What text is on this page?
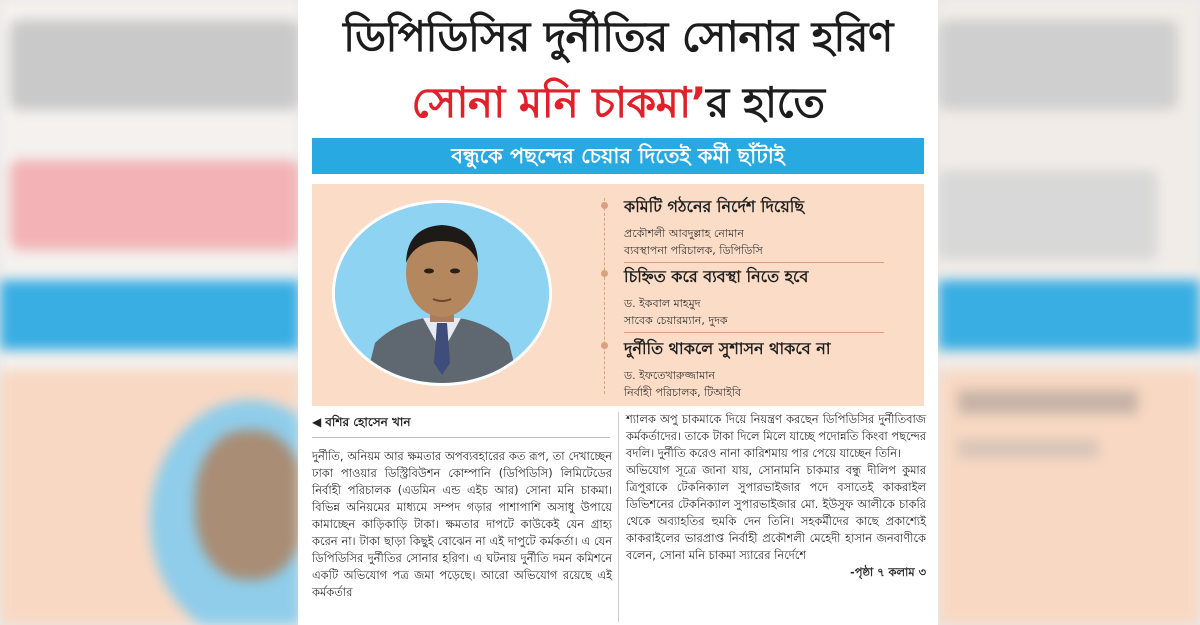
ডিপিডিসির দুর্নীতির সোনার হরিণ
সোনা মনি চাকমা’র হাতে
বন্ধুকে পছন্দের চেয়ার দিতেই কর্মী ছাঁটাই
কমিটি গঠনের নির্দেশ দিয়েছি
প্রকৌশলী আবদুল্লাহ নোমান
ব্যবস্থাপনা পরিচালক, ডিপিডিসি
চিহ্নিত করে ব্যবস্থা নিতে হবে
ড. ইকবাল মাহমুদ
সাবেক চেয়ারম্যান, দুদক
দুর্নীতি থাকলে সুশাসন থাকবে না
ড. ইফতেখারুজ্জামান
নির্বাহী পরিচালক, টিআইবি
◀ বশির হোসেন খান
দুর্নীতি, অনিয়ম আর ক্ষমতার অপব্যবহারের কত রূপ, তা দেখাচ্ছেন ঢাকা পাওয়ার ডিস্ট্রিবিউশন কোম্পানি (ডিপিডিসি) লিমিটেডের নির্বাহী পরিচালক (এডমিন এন্ড এইচ আর) সোনা মনি চাকমা। বিভিন্ন অনিয়মের মাধ্যমে সম্পদ গড়ার পাশাপাশি অসাধু উপায়ে কামাচ্ছেন কাড়িকাড়ি টাকা। ক্ষমতার দাপটে কাউকেই যেন গ্রাহ্য করেন না। টাকা ছাড়া কিছুই বোঝেন না এই দাপুটে কর্মকর্তা। এ যেন ডিপিডিসির দুর্নীতির সোনার হরিণ। এ ঘটনায় দুর্নীতি দমন কমিশনে একটি অভিযোগ পত্র জমা পড়েছে। আরো অভিযোগ রয়েছে এই কর্মকর্তার
শ্যালক অপু চাকমাকে দিয়ে নিয়ন্ত্রণ করছেন ডিপিডিসির দুর্নীতিবাজ কর্মকর্তাদের। তাকে টাকা দিলে মিলে যাচ্ছে পদোন্নতি কিংবা পছন্দের বদলি। দুর্নীতি করেও নানা কারিশমায় পার পেয়ে যাচ্ছেন তিনি।
অভিযোগ সূত্রে জানা যায়, সোনামনি চাকমার বন্ধু দীলিপ কুমার ত্রিপুরাকে টেকনিক্যাল সুপারভাইজার পদে বসাতেই কাকরাইল ডিভিশনের টেকনিক্যাল সুপারভাইজার মো. ইউসুফ আলীকে চাকরি থেকে অব্যাহতির হুমকি দেন তিনি। সহকর্মীদের কাছে প্রকাশ্যেই কাকরাইলের ভারপ্রাপ্ত নির্বাহী প্রকৌশলী মেহেদী হাসান জনবাণীকে বলেন, সোনা মনি চাকমা স্যারের নির্দেশে
-পৃষ্ঠা ৭ কলাম ৩
